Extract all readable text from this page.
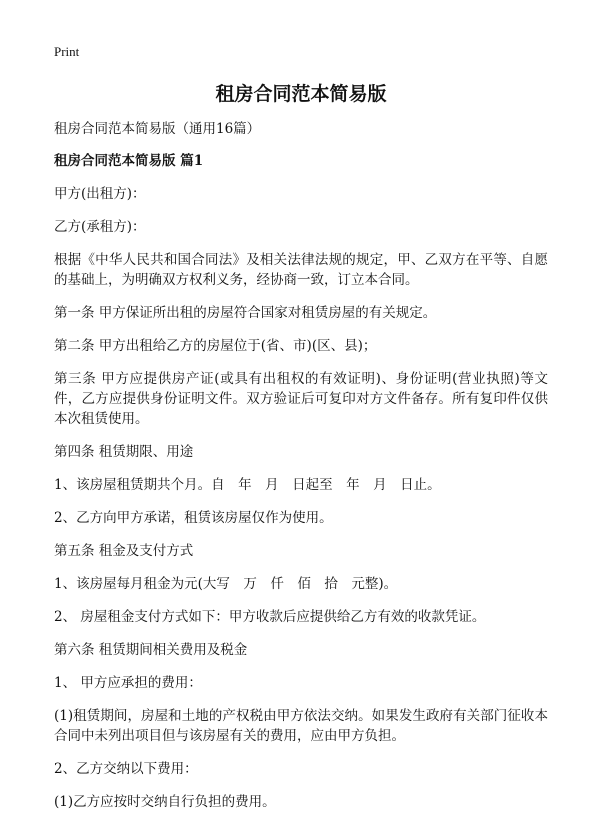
Print
租房合同范本简易版
租房合同范本简易版（通用16篇）
租房合同范本简易版 篇1
甲方(出租方)：
乙方(承租方)：
根据《中华人民共和国合同法》及相关法律法规的规定，甲、乙双方在平等、自愿的基础上，为明确双方权利义务，经协商一致，订立本合同。
第一条 甲方保证所出租的房屋符合国家对租赁房屋的有关规定。
第二条 甲方出租给乙方的房屋位于(省、市)(区、县)；
第三条 甲方应提供房产证(或具有出租权的有效证明)、身份证明(营业执照)等文件，乙方应提供身份证明文件。双方验证后可复印对方文件备存。所有复印件仅供本次租赁使用。
第四条 租赁期限、用途
1、该房屋租赁期共个月。自　年　月　日起至　年　月　日止。
2、乙方向甲方承诺，租赁该房屋仅作为使用。
第五条 租金及支付方式
1、该房屋每月租金为元(大写　万　仟　佰　拾　元整)。
2、 房屋租金支付方式如下：甲方收款后应提供给乙方有效的收款凭证。
第六条 租赁期间相关费用及税金
1、 甲方应承担的费用：
(1)租赁期间，房屋和土地的产权税由甲方依法交纳。如果发生政府有关部门征收本合同中未列出项目但与该房屋有关的费用，应由甲方负担。
2、乙方交纳以下费用：
(1)乙方应按时交纳自行负担的费用。
